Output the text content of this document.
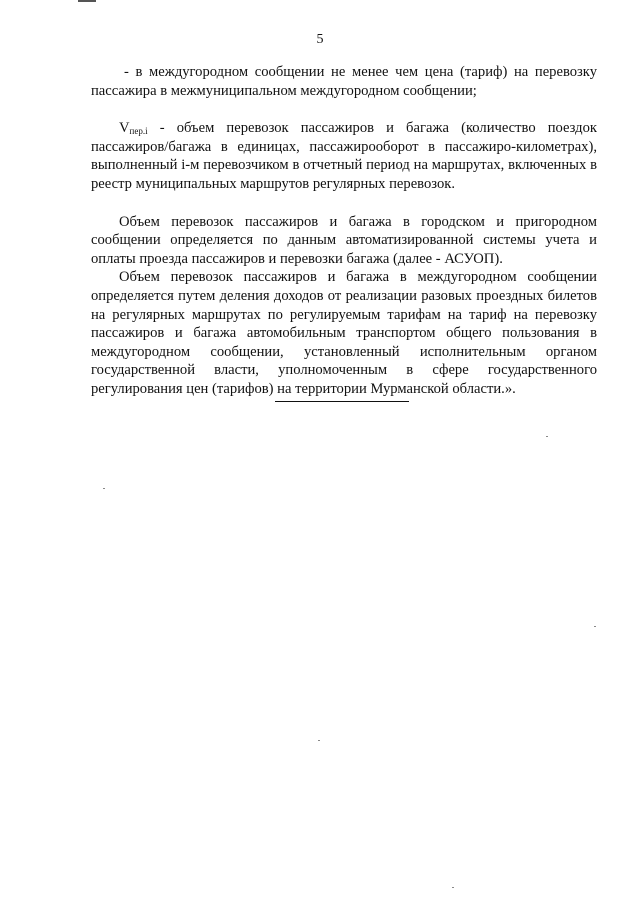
5

- в междугородном сообщении не менее чем цена (тариф) на перевозку пассажира в межмуниципальном междугородном сообщении;

$V_{пер.i}$ - объем перевозок пассажиров и багажа (количество поездок пассажиров/багажа в единицах, пассажирооборот в пассажиро-километрах), выполненный i-м перевозчиком в отчетный период на маршрутах, включенных в реестр муниципальных маршрутов регулярных перевозок.

Объем перевозок пассажиров и багажа в городском и пригородном сообщении определяется по данным автоматизированной системы учета и оплаты проезда пассажиров и перевозки багажа (далее - АСУОП).

Объем перевозок пассажиров и багажа в междугородном сообщении определяется путем деления доходов от реализации разовых проездных билетов на регулярных маршрутах по регулируемым тарифам на тариф на перевозку пассажиров и багажа автомобильным транспортом общего пользования в междугородном сообщении, установленный исполнительным органом государственной власти, уполномоченным в сфере государственного регулирования цен (тарифов) на территории Мурманской области.».
